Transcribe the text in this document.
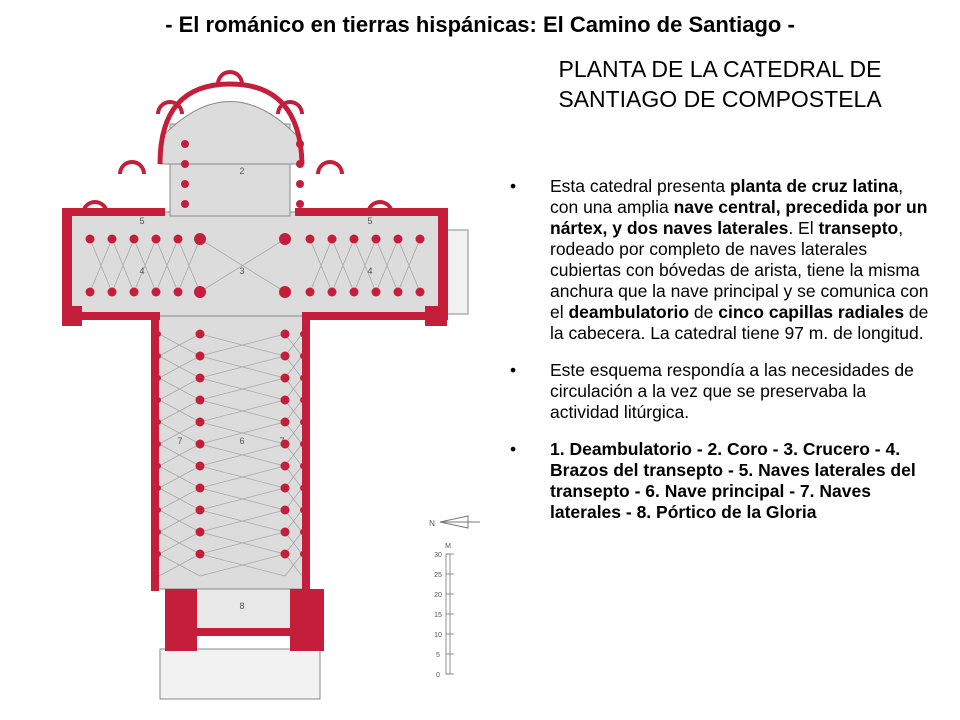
- El románico en tierras hispánicas: El Camino de Santiago -
2
3
4	4
5	5
6
7	7
8
N
M
0
5
10
15
20
25
30
PLANTA DE LA CATEDRAL DE SANTIAGO DE COMPOSTELA
•
Esta catedral presenta planta de cruz latina, con una amplia nave central, precedida por un nártex, y dos naves laterales. El transepto, rodeado por completo de naves laterales cubiertas con bóvedas de arista, tiene la misma anchura que la nave principal y se comunica con el deambulatorio de cinco capillas radiales de la cabecera. La catedral tiene 97 m. de longitud.
•
Este esquema respondía a las necesidades de circulación a la vez que se preservaba la actividad litúrgica.
•
1. Deambulatorio - 2. Coro - 3. Crucero - 4. Brazos del transepto - 5. Naves laterales del transepto - 6. Nave principal - 7. Naves laterales - 8. Pórtico de la Gloria
